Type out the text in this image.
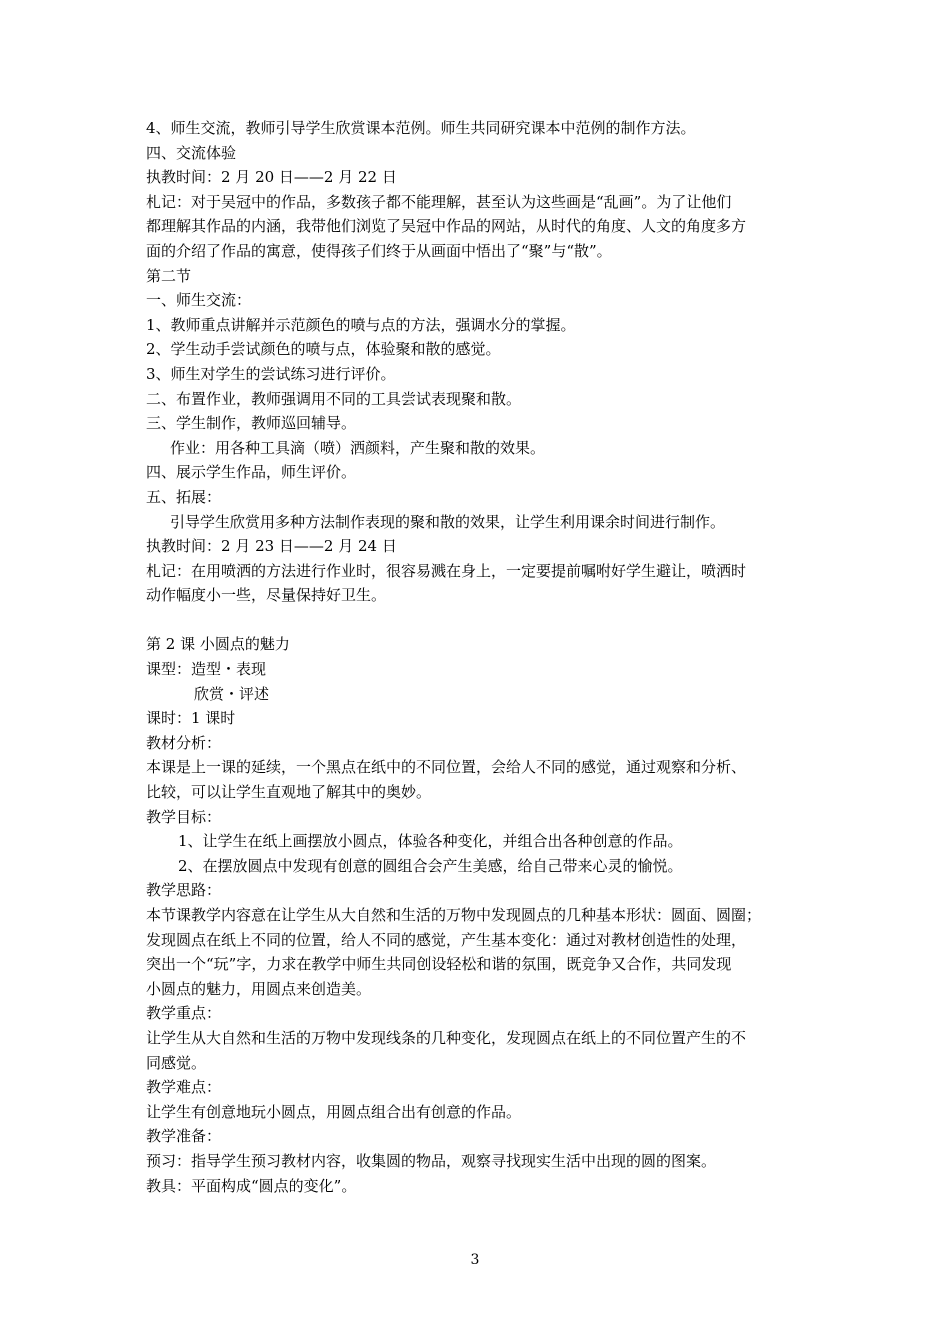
4、师生交流，教师引导学生欣赏课本范例。师生共同研究课本中范例的制作方法。

四、交流体验

执教时间：2 月 20 日——2 月 22 日

札记：对于吴冠中的作品，多数孩子都不能理解，甚至认为这些画是“乱画”。为了让他们

都理解其作品的内涵，我带他们浏览了吴冠中作品的网站，从时代的角度、人文的角度多方

面的介绍了作品的寓意，使得孩子们终于从画面中悟出了“聚”与“散”。

第二节

一、师生交流：

1、教师重点讲解并示范颜色的喷与点的方法，强调水分的掌握。

2、学生动手尝试颜色的喷与点，体验聚和散的感觉。

3、师生对学生的尝试练习进行评价。

二、布置作业，教师强调用不同的工具尝试表现聚和散。

三、学生制作，教师巡回辅导。

作业：用各种工具滴（喷）洒颜料，产生聚和散的效果。

四、展示学生作品，师生评价。

五、拓展：

引导学生欣赏用多种方法制作表现的聚和散的效果，让学生利用课余时间进行制作。

执教时间：2 月 23 日——2 月 24 日

札记：在用喷洒的方法进行作业时，很容易溅在身上，一定要提前嘱咐好学生避让，喷洒时

动作幅度小一些，尽量保持好卫生。

第 2 课 小圆点的魅力

课型：造型・表现

欣赏・评述

课时：1 课时

教材分析：

本课是上一课的延续，一个黑点在纸中的不同位置，会给人不同的感觉，通过观察和分析、

比较，可以让学生直观地了解其中的奥妙。

教学目标：

1、让学生在纸上画摆放小圆点，体验各种变化，并组合出各种创意的作品。

2、在摆放圆点中发现有创意的圆组合会产生美感，给自己带来心灵的愉悦。

教学思路：

本节课教学内容意在让学生从大自然和生活的万物中发现圆点的几种基本形状：圆面、圆圈；

发现圆点在纸上不同的位置，给人不同的感觉，产生基本变化：通过对教材创造性的处理，

突出一个“玩”字，力求在教学中师生共同创设轻松和谐的氛围，既竞争又合作，共同发现

小圆点的魅力，用圆点来创造美。

教学重点：

让学生从大自然和生活的万物中发现线条的几种变化，发现圆点在纸上的不同位置产生的不

同感觉。

教学难点：

让学生有创意地玩小圆点，用圆点组合出有创意的作品。

教学准备：

预习：指导学生预习教材内容，收集圆的物品，观察寻找现实生活中出现的圆的图案。

教具：平面构成“圆点的变化”。

3
